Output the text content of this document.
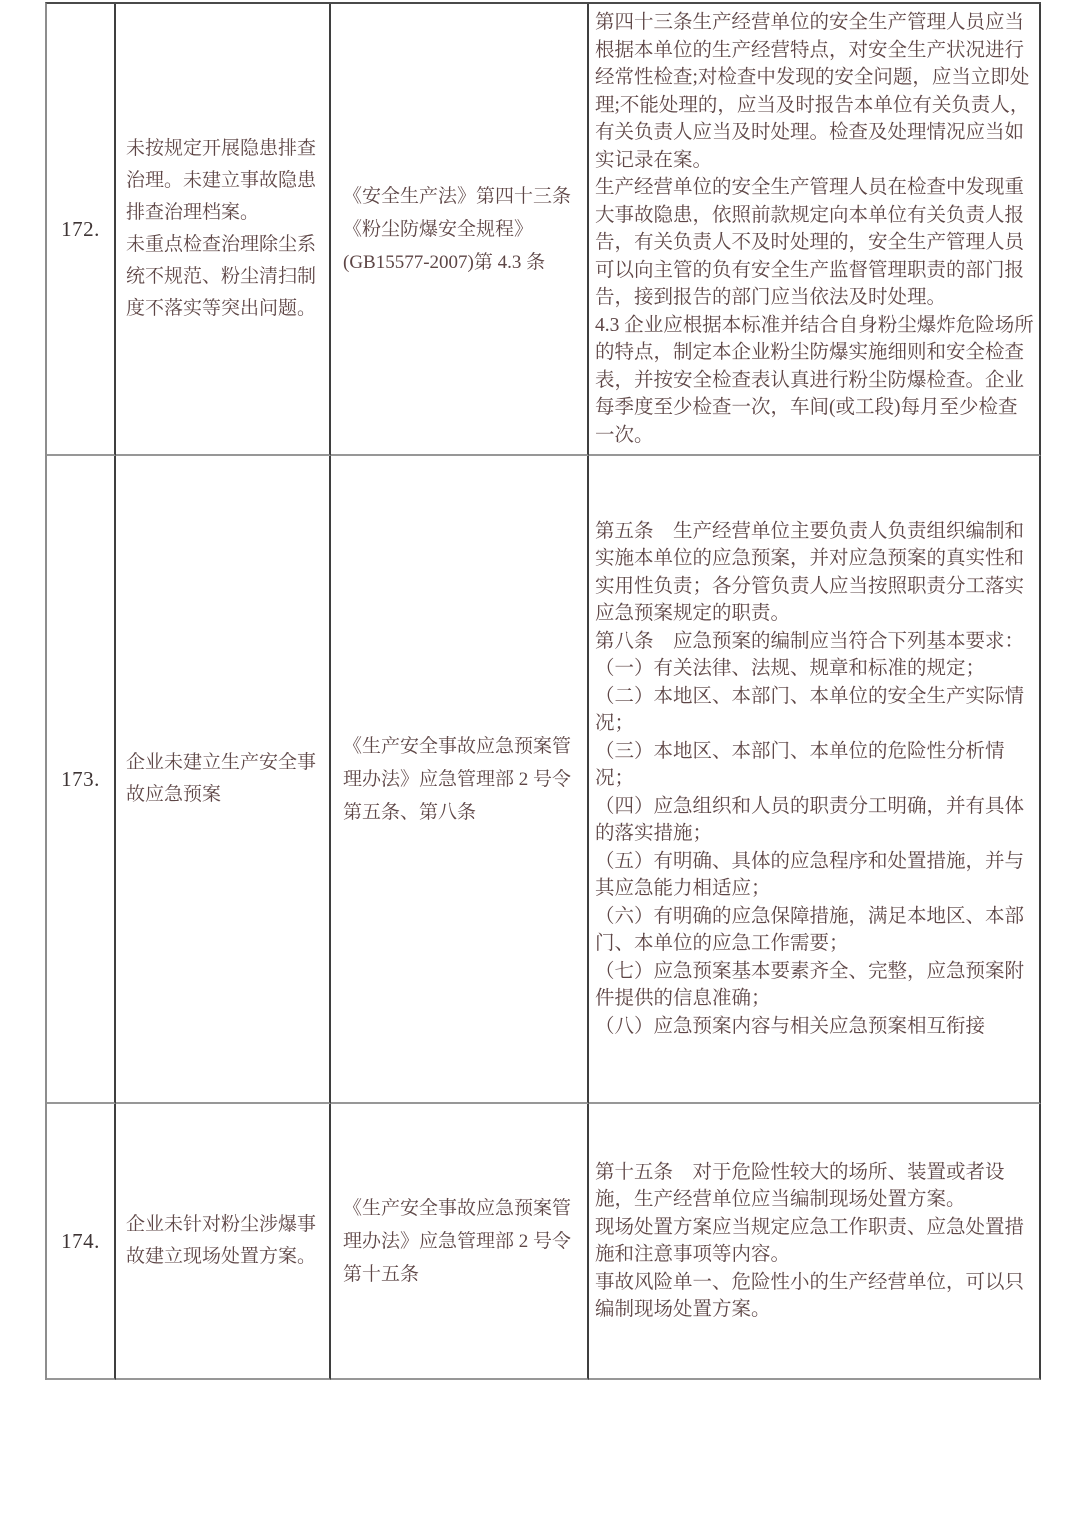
172.
未按规定开展隐患排查治理。未建立事故隐患排查治理档案。
未重点检查治理除尘系统不规范、粉尘清扫制度不落实等突出问题。
《安全生产法》第四十三条
《粉尘防爆安全规程》
(GB15577-2007)第 4.3 条
第四十三条生产经营单位的安全生产管理人员应当根据本单位的生产经营特点，对安全生产状况进行经常性检查;对检查中发现的安全问题，应当立即处理;不能处理的，应当及时报告本单位有关负责人，有关负责人应当及时处理。检查及处理情况应当如实记录在案。
生产经营单位的安全生产管理人员在检查中发现重大事故隐患，依照前款规定向本单位有关负责人报告，有关负责人不及时处理的，安全生产管理人员可以向主管的负有安全生产监督管理职责的部门报告，接到报告的部门应当依法及时处理。
4.3 企业应根据本标准并结合自身粉尘爆炸危险场所的特点，制定本企业粉尘防爆实施细则和安全检查表，并按安全检查表认真进行粉尘防爆检查。企业每季度至少检查一次，车间(或工段)每月至少检查一次。
173.
企业未建立生产安全事故应急预案
《生产安全事故应急预案管理办法》应急管理部 2 号令第五条、第八条
第五条　生产经营单位主要负责人负责组织编制和实施本单位的应急预案，并对应急预案的真实性和实用性负责；各分管负责人应当按照职责分工落实应急预案规定的职责。
第八条　应急预案的编制应当符合下列基本要求：
（一）有关法律、法规、规章和标准的规定；
（二）本地区、本部门、本单位的安全生产实际情况；
（三）本地区、本部门、本单位的危险性分析情况；
（四）应急组织和人员的职责分工明确，并有具体的落实措施；
（五）有明确、具体的应急程序和处置措施，并与其应急能力相适应；
（六）有明确的应急保障措施，满足本地区、本部门、本单位的应急工作需要；
（七）应急预案基本要素齐全、完整，应急预案附件提供的信息准确；
（八）应急预案内容与相关应急预案相互衔接
174.
企业未针对粉尘涉爆事故建立现场处置方案。
《生产安全事故应急预案管理办法》应急管理部 2 号令第十五条
第十五条　对于危险性较大的场所、装置或者设施，生产经营单位应当编制现场处置方案。
现场处置方案应当规定应急工作职责、应急处置措施和注意事项等内容。
事故风险单一、危险性小的生产经营单位，可以只编制现场处置方案。
